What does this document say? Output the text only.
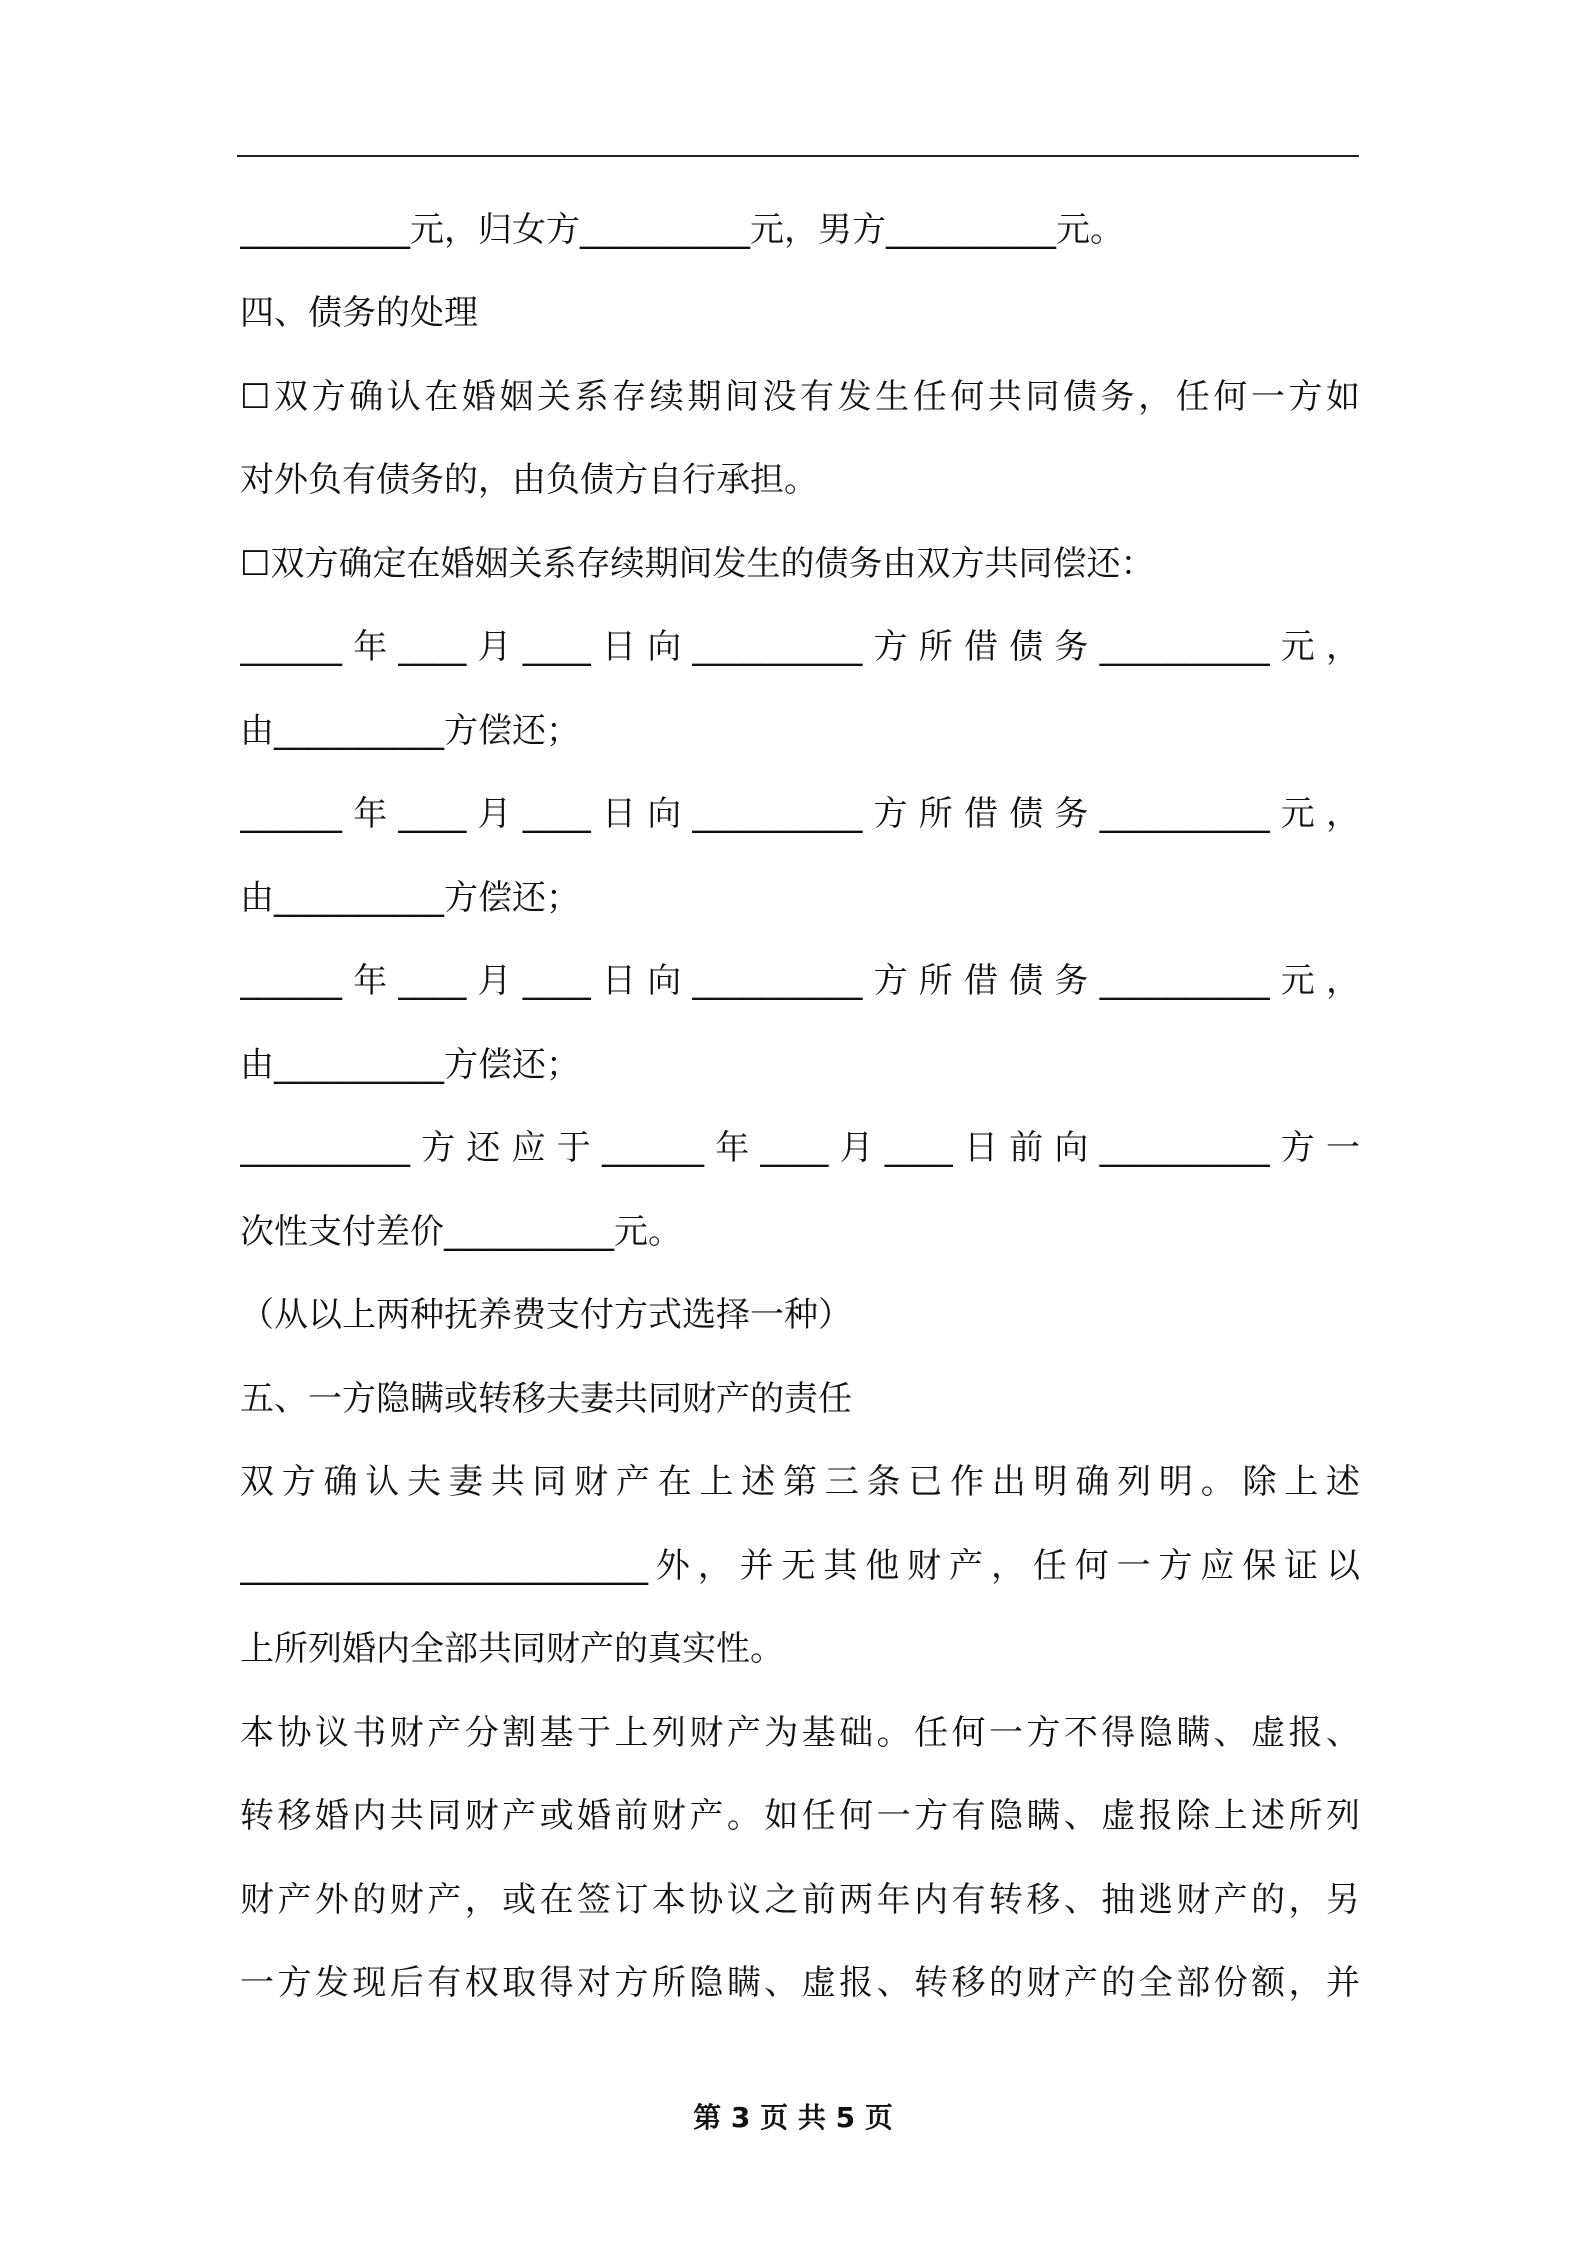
__________元，归女方__________元，男方__________元。
四、债务的处理
☐双方确认在婚姻关系存续期间没有发生任何共同债务，任何一方如
对外负有债务的，由负债方自行承担。
☐双方确定在婚姻关系存续期间发生的债务由双方共同偿还：
______年____月____日向__________方所借债务__________元，
由__________方偿还；
______年____月____日向__________方所借债务__________元，
由__________方偿还；
______年____月____日向__________方所借债务__________元，
由__________方偿还；
__________方还应于______年____月____日前向__________方一
次性支付差价__________元。
（从以上两种抚养费支付方式选择一种）
五、一方隐瞒或转移夫妻共同财产的责任
双方确认夫妻共同财产在上述第三条已作出明确列明。除上述
________________________外，并无其他财产，任何一方应保证以
上所列婚内全部共同财产的真实性。
本协议书财产分割基于上列财产为基础。任何一方不得隐瞒、虚报、
转移婚内共同财产或婚前财产。如任何一方有隐瞒、虚报除上述所列
财产外的财产，或在签订本协议之前两年内有转移、抽逃财产的，另
一方发现后有权取得对方所隐瞒、虚报、转移的财产的全部份额，并
第 3 页 共 5 页
